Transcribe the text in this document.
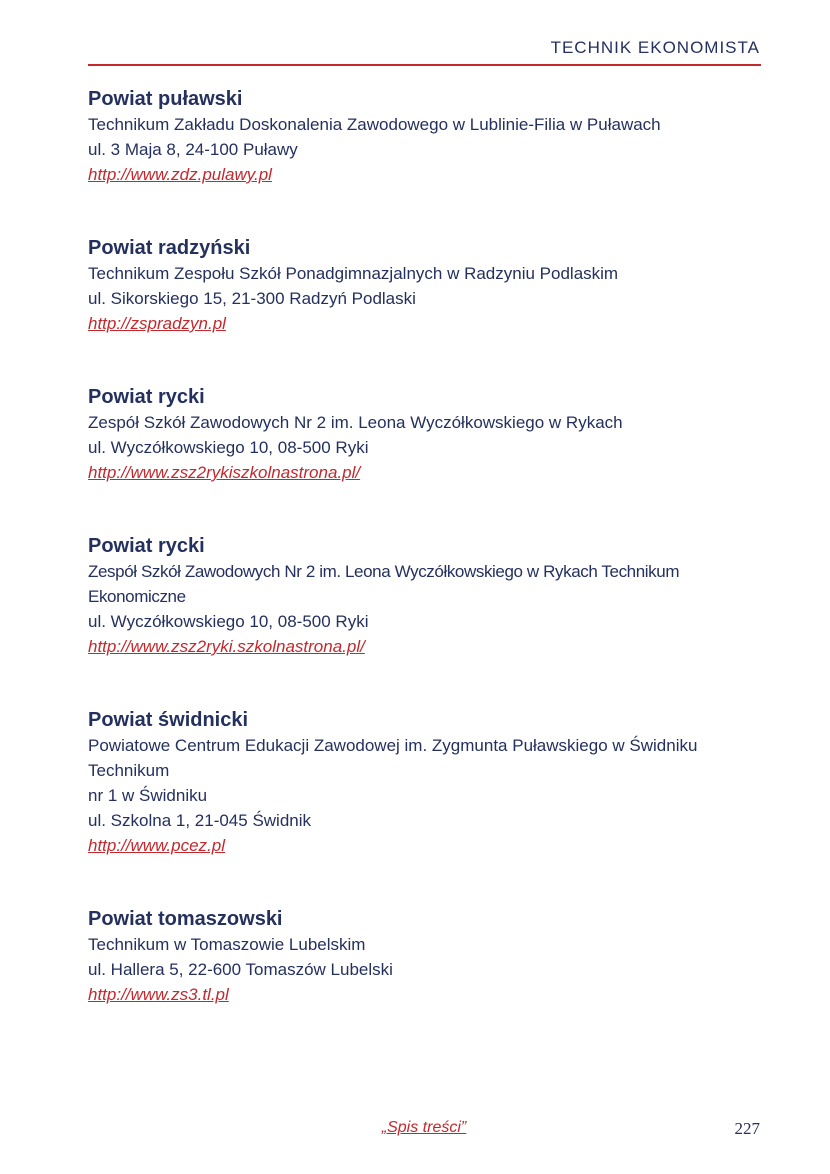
TECHNIK EKONOMISTA
Powiat puławski
Technikum Zakładu Doskonalenia Zawodowego w Lublinie-Filia w Puławach
ul. 3 Maja 8, 24-100 Puławy
http://www.zdz.pulawy.pl
Powiat radzyński
Technikum Zespołu Szkół Ponadgimnazjalnych w Radzyniu Podlaskim
ul. Sikorskiego 15, 21-300 Radzyń Podlaski
http://zspradzyn.pl
Powiat rycki
Zespół Szkół Zawodowych Nr 2 im. Leona Wyczółkowskiego w Rykach
ul. Wyczółkowskiego 10, 08-500 Ryki
http://www.zsz2rykiszkolnastrona.pl/
Powiat rycki
Zespół Szkół Zawodowych Nr 2 im. Leona Wyczółkowskiego w Rykach Technikum Ekonomiczne
ul. Wyczółkowskiego 10, 08-500 Ryki
http://www.zsz2ryki.szkolnastrona.pl/
Powiat świdnicki
Powiatowe Centrum Edukacji Zawodowej im. Zygmunta Puławskiego w Świdniku Technikum
nr 1 w Świdniku
ul. Szkolna 1, 21-045 Świdnik
http://www.pcez.pl
Powiat tomaszowski
Technikum w Tomaszowie Lubelskim
ul. Hallera 5, 22-600 Tomaszów Lubelski
http://www.zs3.tl.pl
„Spis treści”	227
